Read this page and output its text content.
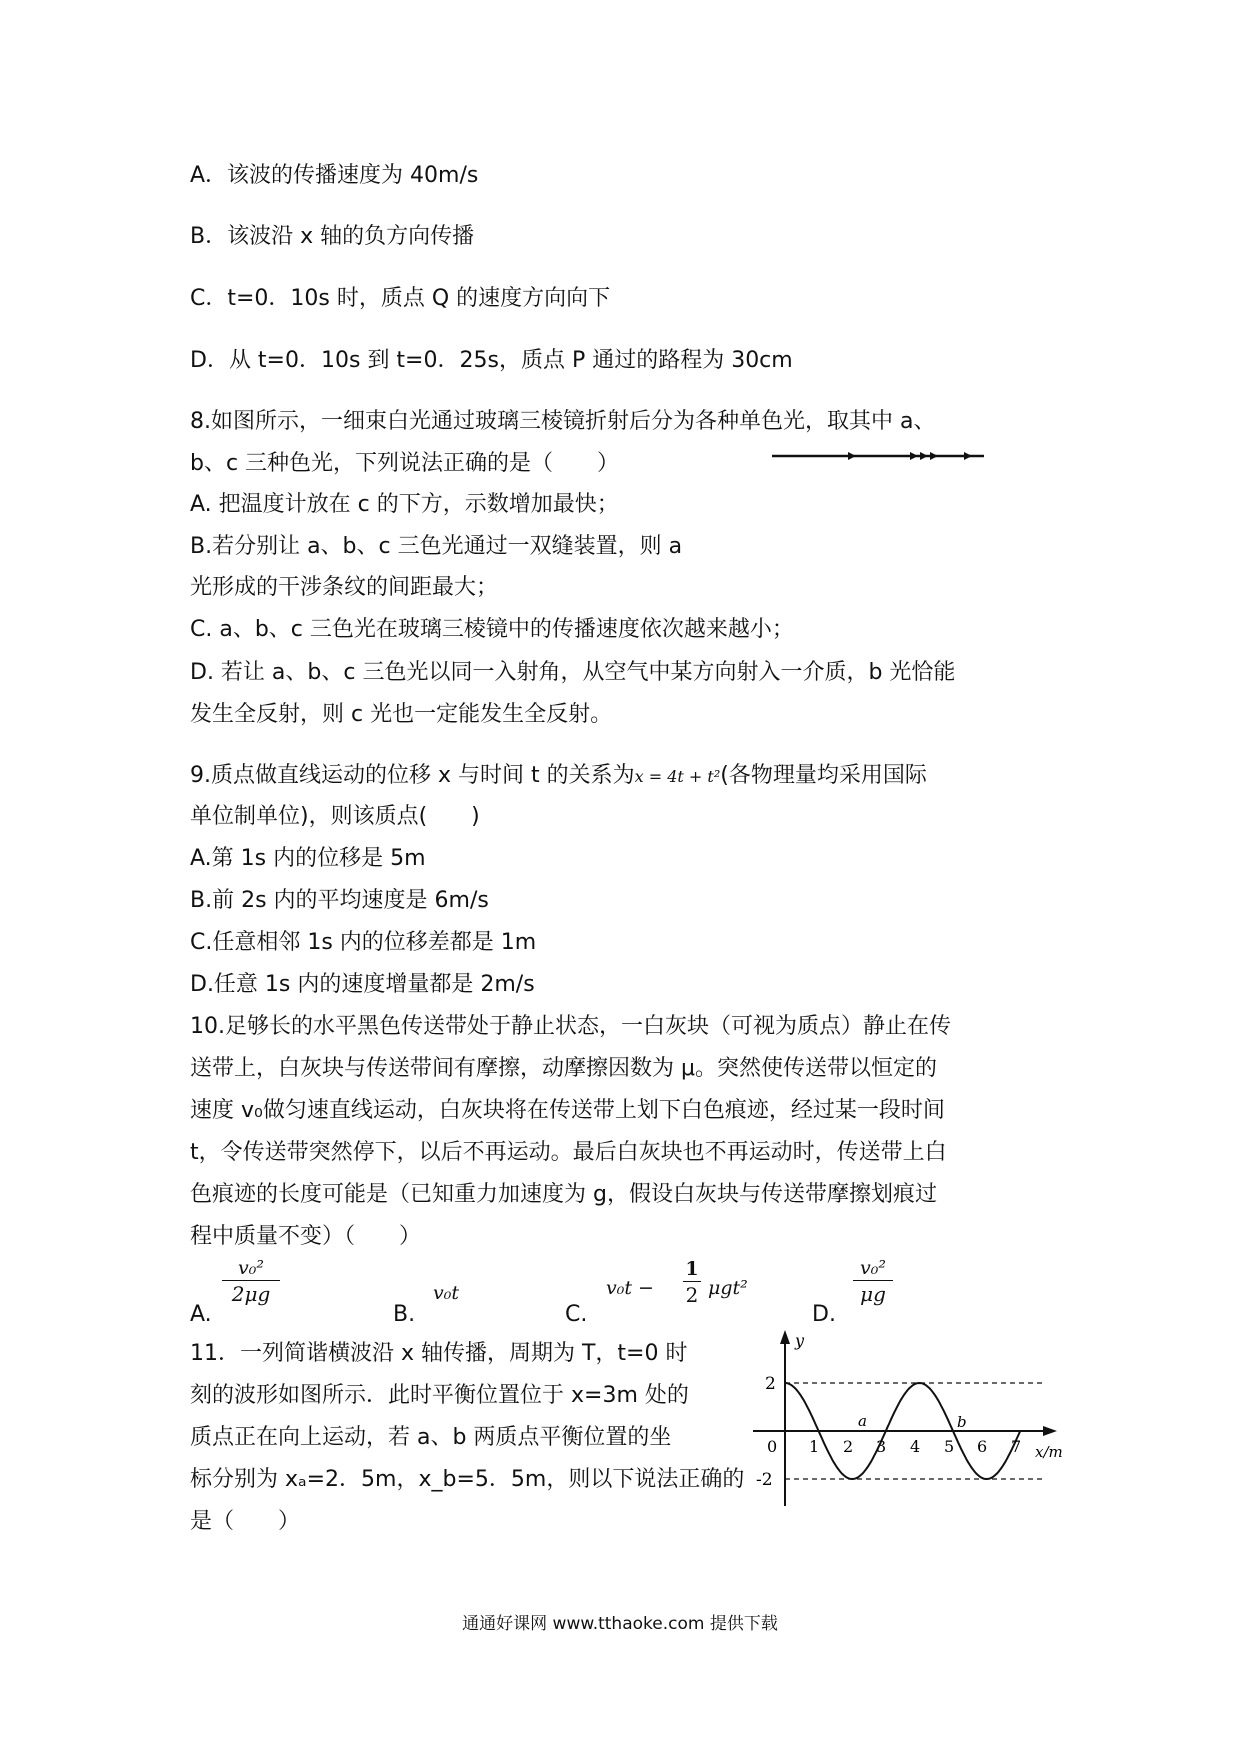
A．该波的传播速度为 40m/s
B．该波沿 x 轴的负方向传播
C．t=0．10s 时，质点 Q 的速度方向向下
D．从 t=0．10s 到 t=0．25s，质点 P 通过的路程为 30cm
8.如图所示，一细束白光通过玻璃三棱镜折射后分为各种单色光，取其中 a、
b、c 三种色光，下列说法正确的是（　　）
A. 把温度计放在 c 的下方，示数增加最快；
B.若分别让 a、b、c 三色光通过一双缝装置，则 a
光形成的干涉条纹的间距最大；
C. a、b、c 三色光在玻璃三棱镜中的传播速度依次越来越小；
D. 若让 a、b、c 三色光以同一入射角，从空气中某方向射入一介质，b 光恰能
发生全反射，则 c 光也一定能发生全反射。
9.质点做直线运动的位移 x 与时间 t 的关系为x = 4t + t²(各物理量均采用国际
单位制单位)，则该质点(　　)
A.第 1s 内的位移是 5m
B.前 2s 内的平均速度是 6m/s
C.任意相邻 1s 内的位移差都是 1m
D.任意 1s 内的速度增量都是 2m/s
10.足够长的水平黑色传送带处于静止状态，一白灰块（可视为质点）静止在传
送带上，白灰块与传送带间有摩擦，动摩擦因数为 μ。突然使传送带以恒定的
速度 v₀做匀速直线运动，白灰块将在传送带上划下白色痕迹，经过某一段时间
t，令传送带突然停下，以后不再运动。最后白灰块也不再运动时，传送带上白
色痕迹的长度可能是（已知重力加速度为 g，假设白灰块与传送带摩擦划痕过
程中质量不变）（　　）
A.
v₀²
2μg
B.
v₀t
C.
v₀t −
1
2 μgt²
D.
v₀²
μg
11．一列简谐横波沿 x 轴传播，周期为 T，t=0 时
刻的波形如图所示．此时平衡位置位于 x=3m 处的
质点正在向上运动，若 a、b 两质点平衡位置的坐
标分别为 xₐ=2．5m，x_b=5．5m，则以下说法正确的
是（　　）
y
x/m
0
2
-2
1 2 3 4 5 6 7
a	b
通通好课网 www.tthaoke.com 提供下载
